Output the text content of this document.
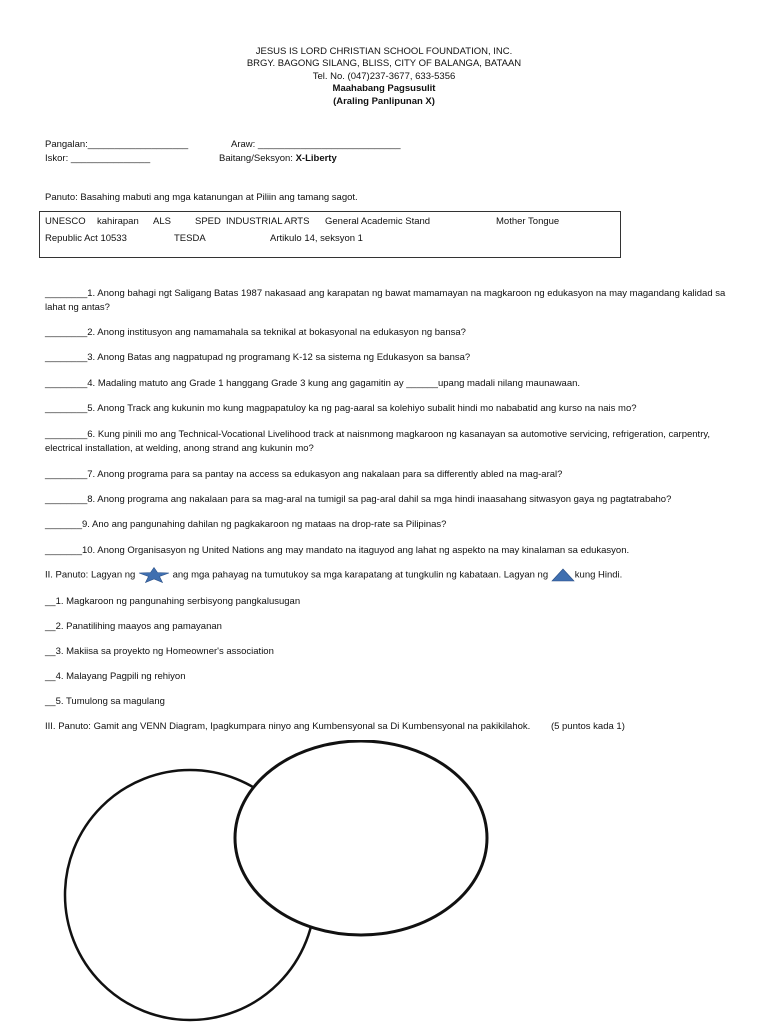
JESUS IS LORD CHRISTIAN SCHOOL FOUNDATION, INC.
BRGY. BAGONG SILANG, BLISS, CITY OF BALANGA, BATAAN
Tel. No. (047)237-3677, 633-5356
Maahabang Pagsusulit
(Araling Panlipunan X)
Pangalan:___________________	Araw: ___________________________
Iskor: _______________	Baitang/Seksyon: X-Liberty
Panuto: Basahing mabuti ang mga katanungan at Piliin ang tamang sagot.
UNESCO kahirapan ALS	SPED INDUSTRIAL ARTS General Academic Stand	Mother Tongue
Republic Act 10533	TESDA	Artikulo 14, seksyon 1
________1. Anong bahagi ngt Saligang Batas 1987 nakasaad ang karapatan ng bawat mamamayan na magkaroon ng edukasyon na may magandang kalidad sa lahat ng antas?
________2. Anong institusyon ang namamahala sa teknikal at bokasyonal na edukasyon ng bansa?
________3. Anong Batas ang nagpatupad ng programang K-12 sa sistema ng Edukasyon sa bansa?
________4. Madaling matuto ang Grade 1 hanggang Grade 3 kung ang gagamitin ay ______upang madali nilang maunawaan.
________5. Anong Track ang kukunin mo kung magpapatuloy ka ng pag-aaral sa kolehiyo subalit hindi mo nababatid ang kurso na nais mo?
________6. Kung pinili mo ang Technical-Vocational Livelihood track at naisnmong magkaroon ng kasanayan sa automotive servicing, refrigeration, carpentry, electrical installation, at welding, anong strand ang kukunin mo?
________7. Anong programa para sa pantay na access sa edukasyon ang nakalaan para sa differently abled na mag-aral?
________8. Anong programa ang nakalaan para sa mag-aral na tumigil sa pag-aral dahil sa mga hindi inaasahang sitwasyon gaya ng pagtatrabaho?
_______9. Ano ang pangunahing dahilan ng pagkakaroon ng mataas na drop-rate sa Pilipinas?
_______10. Anong Organisasyon ng United Nations ang may mandato na itaguyod ang lahat ng aspekto na may kinalaman sa edukasyon.
II. Panuto: Lagyan ng	ang mga pahayag na tumutukoy sa mga karapatang at tungkulin ng kabataan. Lagyan ng	kung Hindi.
__1. Magkaroon ng pangunahing serbisyong pangkalusugan
__2. Panatilihing maayos ang pamayanan
__3. Makiisa sa proyekto ng Homeowner's association
__4. Malayang Pagpili ng rehiyon
__5. Tumulong sa magulang
III. Panuto: Gamit ang VENN Diagram, Ipagkumpara ninyo ang Kumbensyonal sa Di Kumbensyonal na pakikilahok. (5 puntos kada 1)
